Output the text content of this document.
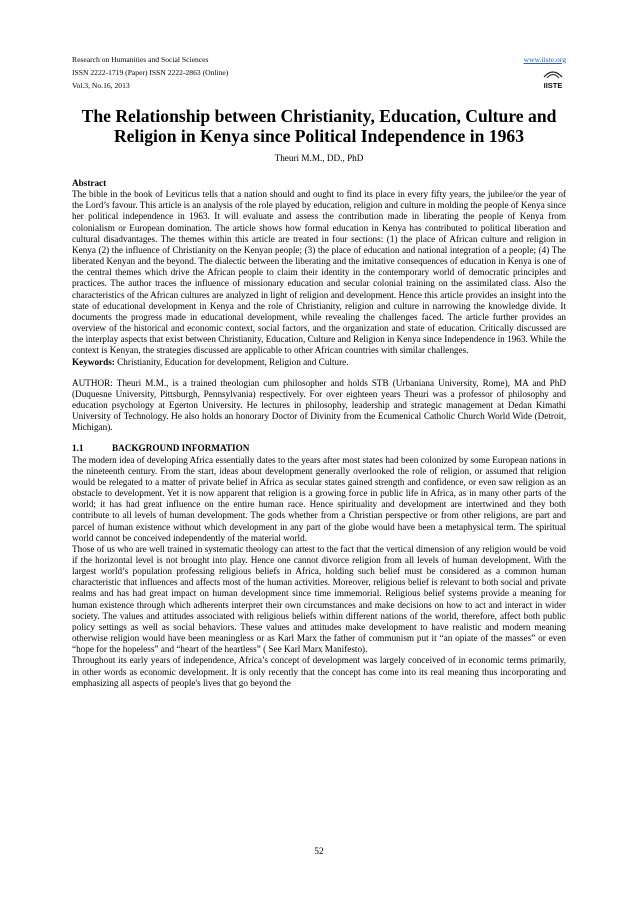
Research on Humanities and Social Sciences
ISSN 2222-1719 (Paper) ISSN 2222-2863 (Online)
Vol.3, No.16, 2013
www.iiste.org
IISTE
The Relationship between Christianity, Education, Culture and Religion in Kenya since Political Independence in 1963
Theuri M.M., DD., PhD

Abstract

The bible in the book of Leviticus tells that a nation should and ought to find its place in every fifty years, the jubilee/or the year of the Lord’s favour. This article is an analysis of the role played by education, religion and culture in molding the people of Kenya since her political independence in 1963. It will evaluate and assess the contribution made in liberating the people of Kenya from colonialism or European domination. The article shows how formal education in Kenya has contributed to political liberation and cultural disadvantages. The themes within this article are treated in four sections: (1) the place of African culture and religion in Kenya (2) the influence of Christianity on the Kenyan people; (3) the place of education and national integration of a people; (4) The liberated Kenyan and the beyond. The dialectic between the liberating and the imitative consequences of education in Kenya is one of the central themes which drive the African people to claim their identity in the contemporary world of democratic principles and practices. The author traces the influence of missionary education and secular colonial training on the assimilated class. Also the characteristics of the African cultures are analyzed in light of religion and development. Hence this article provides an insight into the state of educational development in Kenya and the role of Christianity, religion and culture in narrowing the knowledge divide. It documents the progress made in educational development, while revealing the challenges faced. The article further provides an overview of the historical and economic context, social factors, and the organization and state of education. Critically discussed are the interplay aspects that exist between Christianity, Education, Culture and Religion in Kenya since Independence in 1963. While the context is Kenyan, the strategies discussed are applicable to other African countries with similar challenges.

Keywords: Christianity, Education for development, Religion and Culture.

AUTHOR: Theuri M.M., is a trained theologian cum philosopher and holds STB (Urbaniana University, Rome), MA and PhD (Duquesne University, Pittsburgh, Pennsylvania) respectively. For over eighteen years Theuri was a professor of philosophy and education psychology at Egerton University. He lectures in philosophy, leadership and strategic management at Dedan Kimathi University of Technology. He also holds an honorary Doctor of Divinity from the Ecumenical Catholic Church World Wide (Detroit, Michigan).

1.1	BACKGROUND INFORMATION

The modern idea of developing Africa essentially dates to the years after most states had been colonized by some European nations in the nineteenth century. From the start, ideas about development generally overlooked the role of religion, or assumed that religion would be relegated to a matter of private belief in Africa as secular states gained strength and confidence, or even saw religion as an obstacle to development. Yet it is now apparent that religion is a growing force in public life in Africa, as in many other parts of the world; it has had great influence on the entire human race. Hence spirituality and development are intertwined and they both contribute to all levels of human development. The gods whether from a Christian perspective or from other religions, are part and parcel of human existence without which development in any part of the globe would have been a metaphysical term. The spiritual world cannot be conceived independently of the material world.

Those of us who are well trained in systematic theology can attest to the fact that the vertical dimension of any religion would be void if the horizontal level is not brought into play. Hence one cannot divorce religion from all levels of human development. With the largest world’s population professing religious beliefs in Africa, holding such belief must be considered as a common human characteristic that influences and affects most of the human activities. Moreover, religious belief is relevant to both social and private realms and has had great impact on human development since time immemorial. Religious belief systems provide a meaning for human existence through which adherents interpret their own circumstances and make decisions on how to act and interact in wider society. The values and attitudes associated with religious beliefs within different nations of the world, therefore, affect both public policy settings as well as social behaviors. These values and attitudes make development to have realistic and modern meaning otherwise religion would have been meaningless or as Karl Marx the father of communism put it “an opiate of the masses” or even “hope for the hopeless” and “heart of the heartless” ( See Karl Marx Manifesto).

Throughout its early years of independence, Africa’s concept of development was largely conceived of in economic terms primarily, in other words as economic development. It is only recently that the concept has come into its real meaning thus incorporating and emphasizing all aspects of people's lives that go beyond the

52
